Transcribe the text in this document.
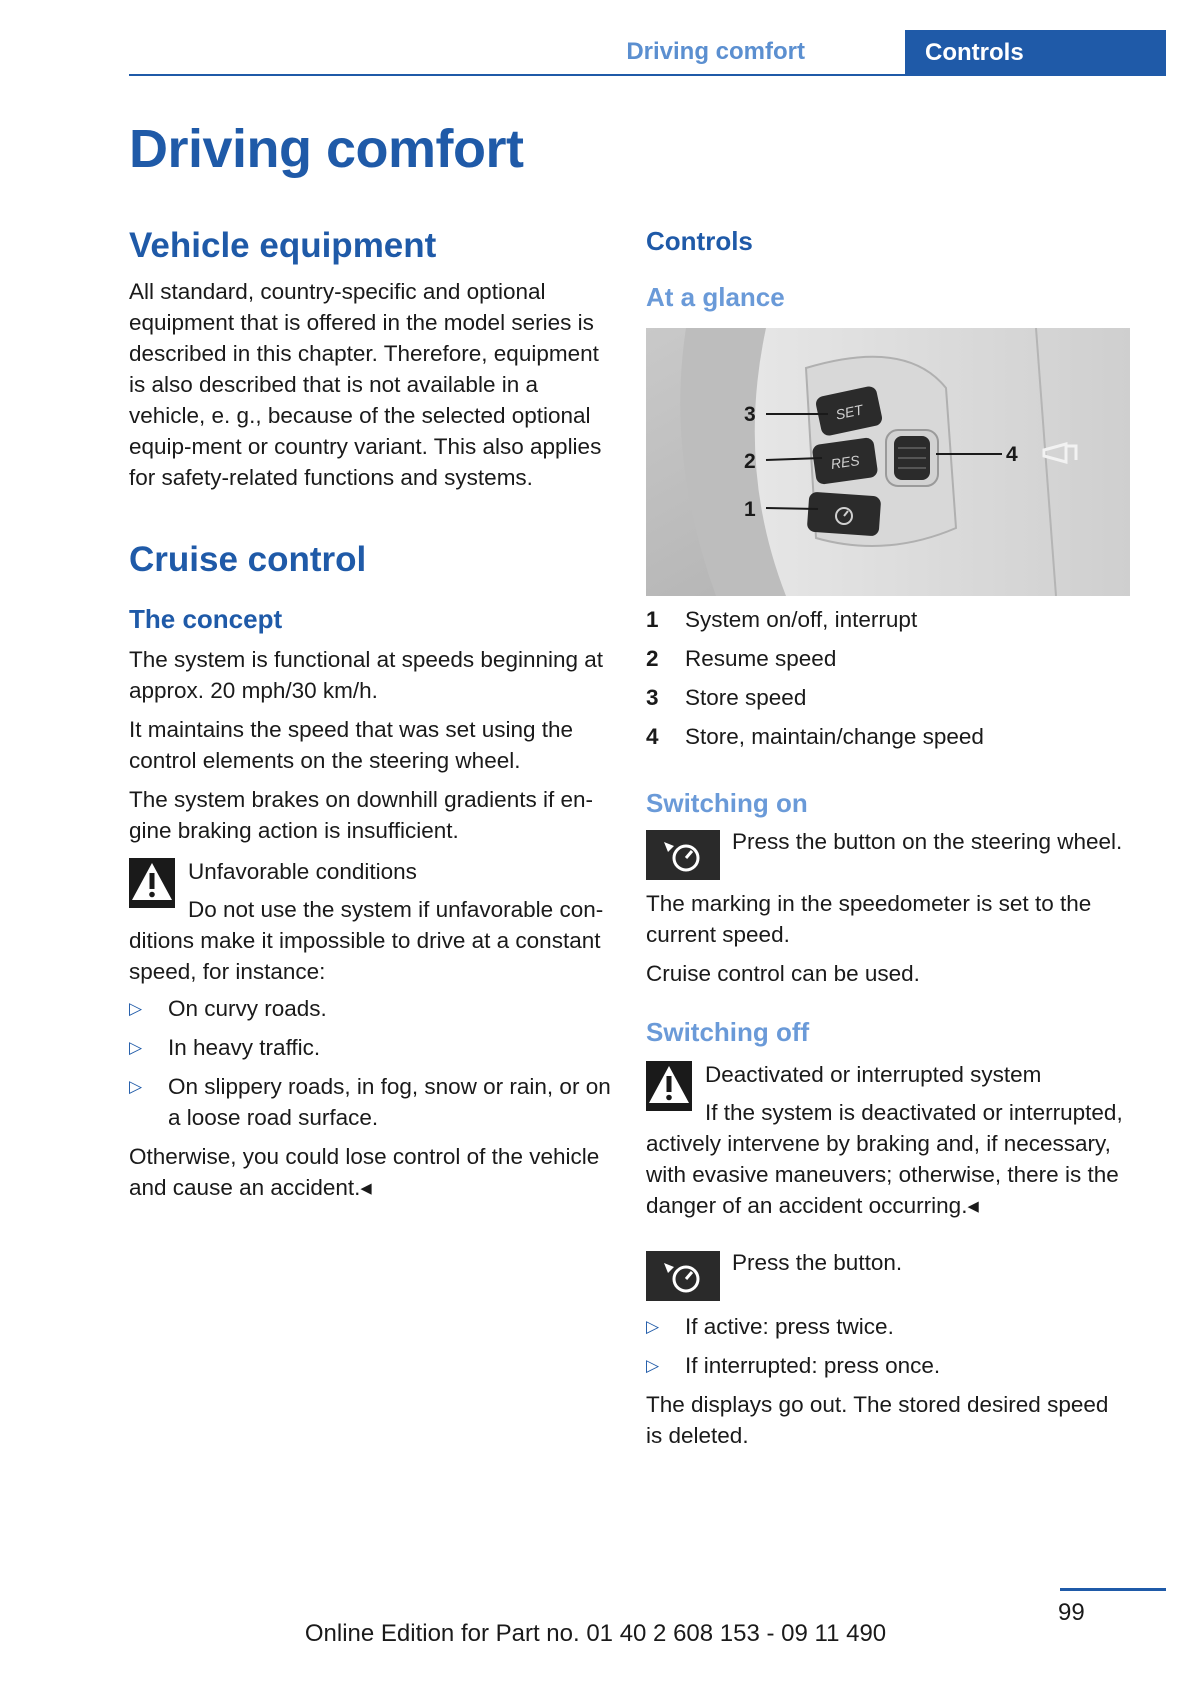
Driving comfort	Controls
Driving comfort
Vehicle equipment

All standard, country-specific and optional equipment that is offered in the model series is described in this chapter. Therefore, equipment is also described that is not available in a vehicle, e. g., because of the selected optional equip-ment or country variant. This also applies for safety-related functions and systems.

Cruise control
The concept

The system is functional at speeds beginning at approx. 20 mph/30 km/h.

It maintains the speed that was set using the control elements on the steering wheel.

The system brakes on downhill gradients if en-gine braking action is insufficient.

Unfavorable conditions

Do not use the system if unfavorable con-

ditions make it impossible to drive at a constant speed, for instance:

▷ On curvy roads.
▷ In heavy traffic.
▷ On slippery roads, in fog, snow or rain, or on a loose road surface.

Otherwise, you could lose control of the vehicle and cause an accident.◂

Controls
At a glance
SET
RES
3
2
1
4
1	System on/off, interrupt
2	Resume speed
3	Store speed
4	Store, maintain/change speed
Switching on

Press the button on the steering wheel.

The marking in the speedometer is set to the current speed.

Cruise control can be used.

Switching off

Deactivated or interrupted system

If the system is deactivated or interrupted,

actively intervene by braking and, if necessary, with evasive maneuvers; otherwise, there is the danger of an accident occurring.◂

Press the button.

▷ If active: press twice.
▷ If interrupted: press once.

The displays go out. The stored desired speed is deleted.

99
Online Edition for Part no. 01 40 2 608 153 - 09 11 490
